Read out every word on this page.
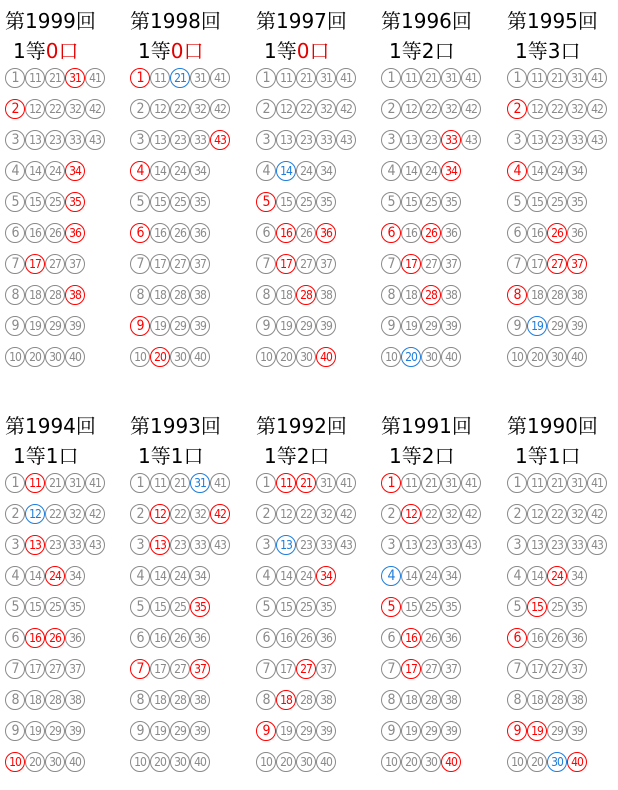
第1999回
1等0口
1 11 21 31 41
2 12 22 32 42
3 13 23 33 43
4 14 24 34
5 15 25 35
6 16 26 36
7 17 27 37
8 18 28 38
9 19 29 39
10 20 30 40
第1998回
1等0口
1 11 21 31 41
2 12 22 32 42
3 13 23 33 43
4 14 24 34
5 15 25 35
6 16 26 36
7 17 27 37
8 18 28 38
9 19 29 39
10 20 30 40
第1997回
1等0口
1 11 21 31 41
2 12 22 32 42
3 13 23 33 43
4 14 24 34
5 15 25 35
6 16 26 36
7 17 27 37
8 18 28 38
9 19 29 39
10 20 30 40
第1996回
1等2口
1 11 21 31 41
2 12 22 32 42
3 13 23 33 43
4 14 24 34
5 15 25 35
6 16 26 36
7 17 27 37
8 18 28 38
9 19 29 39
10 20 30 40
第1995回
1等3口
1 11 21 31 41
2 12 22 32 42
3 13 23 33 43
4 14 24 34
5 15 25 35
6 16 26 36
7 17 27 37
8 18 28 38
9 19 29 39
10 20 30 40
第1994回
1等1口
1 11 21 31 41
2 12 22 32 42
3 13 23 33 43
4 14 24 34
5 15 25 35
6 16 26 36
7 17 27 37
8 18 28 38
9 19 29 39
10 20 30 40
第1993回
1等1口
1 11 21 31 41
2 12 22 32 42
3 13 23 33 43
4 14 24 34
5 15 25 35
6 16 26 36
7 17 27 37
8 18 28 38
9 19 29 39
10 20 30 40
第1992回
1等2口
1 11 21 31 41
2 12 22 32 42
3 13 23 33 43
4 14 24 34
5 15 25 35
6 16 26 36
7 17 27 37
8 18 28 38
9 19 29 39
10 20 30 40
第1991回
1等2口
1 11 21 31 41
2 12 22 32 42
3 13 23 33 43
4 14 24 34
5 15 25 35
6 16 26 36
7 17 27 37
8 18 28 38
9 19 29 39
10 20 30 40
第1990回
1等1口
1 11 21 31 41
2 12 22 32 42
3 13 23 33 43
4 14 24 34
5 15 25 35
6 16 26 36
7 17 27 37
8 18 28 38
9 19 29 39
10 20 30 40
